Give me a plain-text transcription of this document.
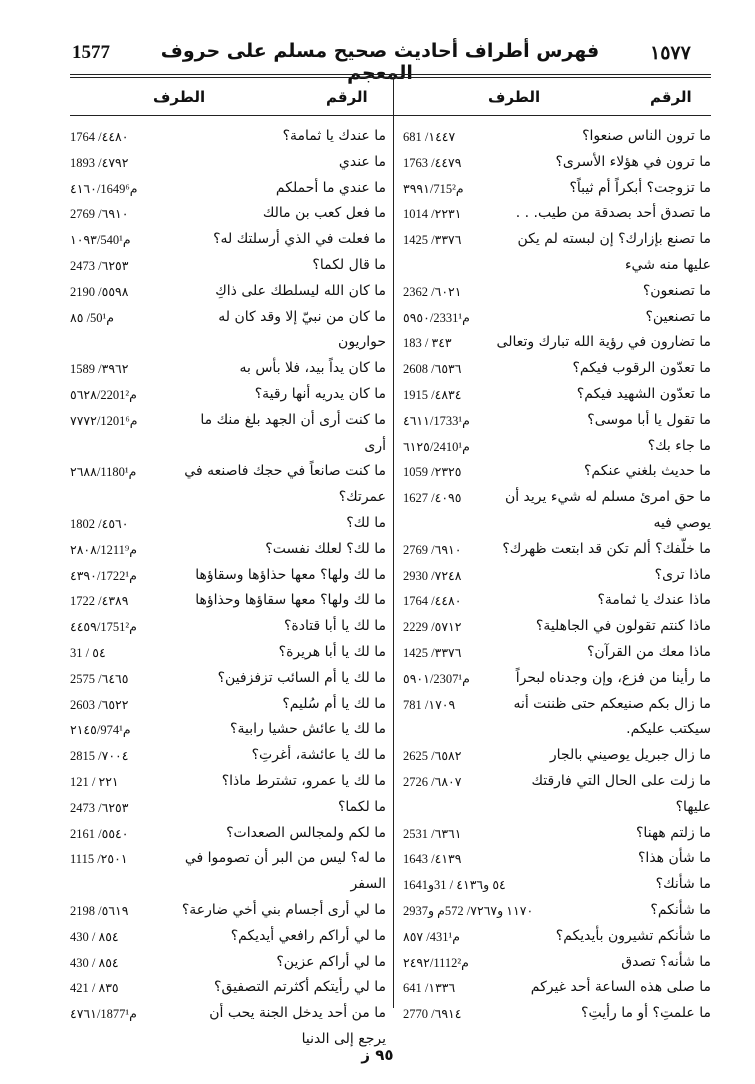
1577	فهرس أطراف أحاديث صحيح مسلم على حروف المعجم
١٥٧٧
الرقم
الطرف
الرقم
الطرف
ما ترون الناس صنعوا؟
681 /١٤٤٧
ما ترون في هؤلاء الأسرى؟
1763 /٤٤٧٩
ما تزوجت؟ أبكراً أم ثيباً؟
٣٩٩١/715م²
ما تصدق أحد بصدقة من طيب. . .
1014 /٢٢٣١
ما تصنع بإزارك؟ إن لبسته لم يكن
1425 /٣٣٧٦
عليها منه شيء
ما تصنعون؟
2362 /٦٠٢١
ما تصنعين؟
٥٩٥٠/2331م¹
ما تضارون في رؤية الله تبارك وتعالى
183 / ٣٤٣
ما تعدّون الرقوب فيكم؟
2608 /٦٥٣٦
ما تعدّون الشهيد فيكم؟
1915 /٤٨٣٤
ما تقول يا أبا موسى؟
٤٦١١/1733م¹
ما جاء بك؟
٦١٢٥/2410م¹
ما حديث بلغني عنكم؟
1059 /٢٣٢٥
ما حق امرئ مسلم له شيء يريد أن
1627 /٤٠٩٥
يوصي فيه
ما خلّفك؟ ألم تكن قد ابتعت ظهرك؟
2769 /٦٩١٠
ماذا ترى؟
2930 /٧٢٤٨
ماذا عندك يا ثمامة؟
1764 /٤٤٨٠
ماذا كنتم تقولون في الجاهلية؟
2229 /٥٧١٢
ماذا معك من القرآن؟
1425 /٣٣٧٦
ما رأينا من فزع، وإن وجدناه لبحراً
٥٩٠١/2307م¹
ما زال بكم صنيعكم حتى ظننت أنه
781 /١٧٠٩
سيكتب عليكم.
ما زال جبريل يوصيني بالجار
2625 /٦٥٨٢
ما زلت على الحال التي فارقتك
2726 /٦٨٠٧
عليها؟
ما زلتم ههنا؟
2531 /٦٣٦١
ما شأن هذا؟
1643 /٤١٣٩
ما شأنك؟
٥٤ و٤١٣٦ / 31و1641
ما شأنكم؟
١١٧٠ و٧٢٦٧/ 572م و2937
ما شأنكم تشيرون بأيديكم؟
٨٥٧ /431م¹
ما شأنه؟ تصدق
٢٤٩٢/1112م²
ما صلى هذه الساعة أحد غيركم
641 /١٣٣٦
ما علمتِ؟ أو ما رأيتِ؟
2770 /٦٩١٤
ما عندك يا ثمامة؟
1764 /٤٤٨٠
ما عندي
1893 /٤٧٩٢
ما عندي ما أحملكم
٤١٦٠/1649م⁶
ما فعل كعب بن مالك
2769 /٦٩١٠
ما فعلت في الذي أرسلتك له؟
١٠٩٣/540م¹
ما قال لكما؟
2473 /٦٢٥٣
ما كان الله ليسلطك على ذاكِ
2190 /٥٥٩٨
ما كان من نبيّ إلا وقد كان له
٨٥ /50م¹
حواريون
ما كان يداً بيد، فلا بأس به
1589 /٣٩٦٢
ما كان يدريه أنها رقية؟
٥٦٢٨/2201م²
ما كنت أرى أن الجهد بلغ منك ما
٧٧٧٢/1201م⁶
أرى
ما كنت صانعاً في حجك فاصنعه في
٢٦٨٨/1180م¹
عمرتك؟
ما لك؟
1802 /٤٥٦٠
ما لك؟ لعلك نفست؟
٢٨٠٨/1211م⁹
ما لك ولها؟ معها حذاؤها وسقاؤها
٤٣٩٠/1722م¹
ما لك ولها؟ معها سقاؤها وحذاؤها
1722 /٤٣٨٩
ما لك يا أبا قتادة؟
٤٤٥٩/1751م²
ما لك يا أبا هريرة؟
31 / ٥٤
ما لك يا أم السائب تزفزفين؟
2575 /٦٤٦٥
ما لك يا أم سُليم؟
2603 /٦٥٢٢
ما لك يا عائش حشيا رابية؟
٢١٤٥/974م¹
ما لك يا عائشة، أغرتِ؟
2815 /٧٠٠٤
ما لك يا عمرو، تشترط ماذا؟
121 / ٢٢١
ما لكما؟
2473 /٦٢٥٣
ما لكم ولمجالس الصعدات؟
2161 /٥٥٤٠
ما له؟ ليس من البر أن تصوموا في
1115 /٢٥٠١
السفر
ما لي أرى أجسام بني أخي ضارعة؟
2198 /٥٦١٩
ما لي أراكم رافعي أيديكم؟
430 / ٨٥٤
ما لي أراكم عزين؟
430 / ٨٥٤
ما لي رأيتكم أكثرتم التصفيق؟
421 / ٨٣٥
ما من أحد يدخل الجنة يحب أن
٤٧٦١/1877م¹
يرجع إلى الدنيا
٩٥ ز
